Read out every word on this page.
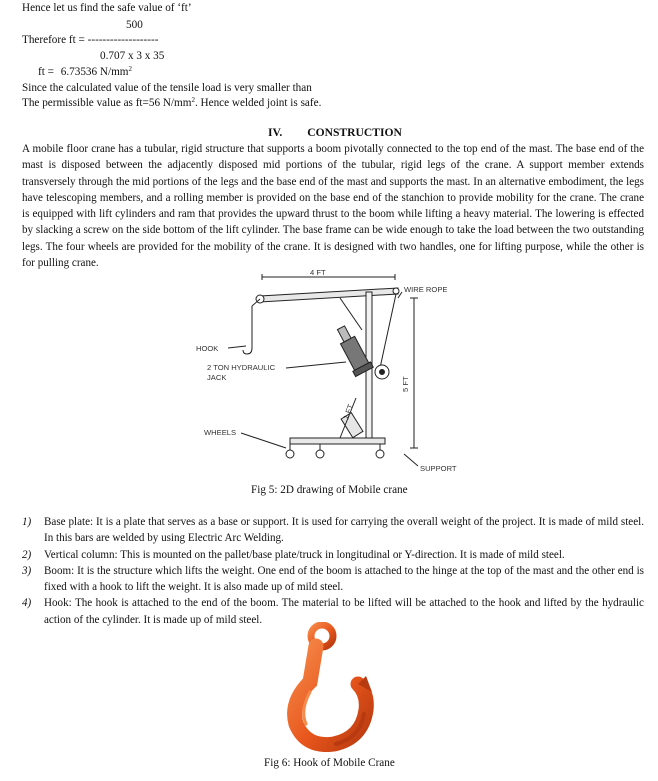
Hence let us find the safe value of ‘ft’
500
Therefore ft = -------------------
0.707 x 3 x 35
ft = 6.73536 $N/mm^2$
Since the calculated value of the tensile load is very smaller than
The permissible value as ft=56 $N/mm^2$. Hence welded joint is safe.
IV. CONSTRUCTION
A mobile floor crane has a tubular, rigid structure that supports a boom pivotally connected to the top end of the mast. The base end of the mast is disposed between the adjacently disposed mid portions of the tubular, rigid legs of the crane. A support member extends transversely through the mid portions of the legs and the base end of the mast and supports the mast. In an alternative embodiment, the legs have telescoping members, and a rolling member is provided on the base end of the stanchion to provide mobility for the crane. The crane is equipped with lift cylinders and ram that provides the upward thrust to the boom while lifting a heavy material. The lowering is effected by slacking a screw on the side bottom of the lift cylinder. The base frame can be wide enough to take the load between the two outstanding legs. The four wheels are provided for the mobility of the crane. It is designed with two handles, one for lifting purpose, while the other is for pulling crane.
4 FT
WIRE ROPE
HOOK
2 TON HYDRAULIC
JACK
1 FT
5 FT
WHEELS
SUPPORT
Fig 5: 2D drawing of Mobile crane
1) Base plate: It is a plate that serves as a base or support. It is used for carrying the overall weight of the project. It is made of mild steel. In this bars are welded by using Electric Arc Welding.
2) Vertical column: This is mounted on the pallet/base plate/truck in longitudinal or Y-direction. It is made of mild steel.
3) Boom: It is the structure which lifts the weight. One end of the boom is attached to the hinge at the top of the mast and the other end is fixed with a hook to lift the weight. It is also made up of mild steel.
4) Hook: The hook is attached to the end of the boom. The material to be lifted will be attached to the hook and lifted by the hydraulic action of the cylinder. It is made up of mild steel.
Fig 6: Hook of Mobile Crane
